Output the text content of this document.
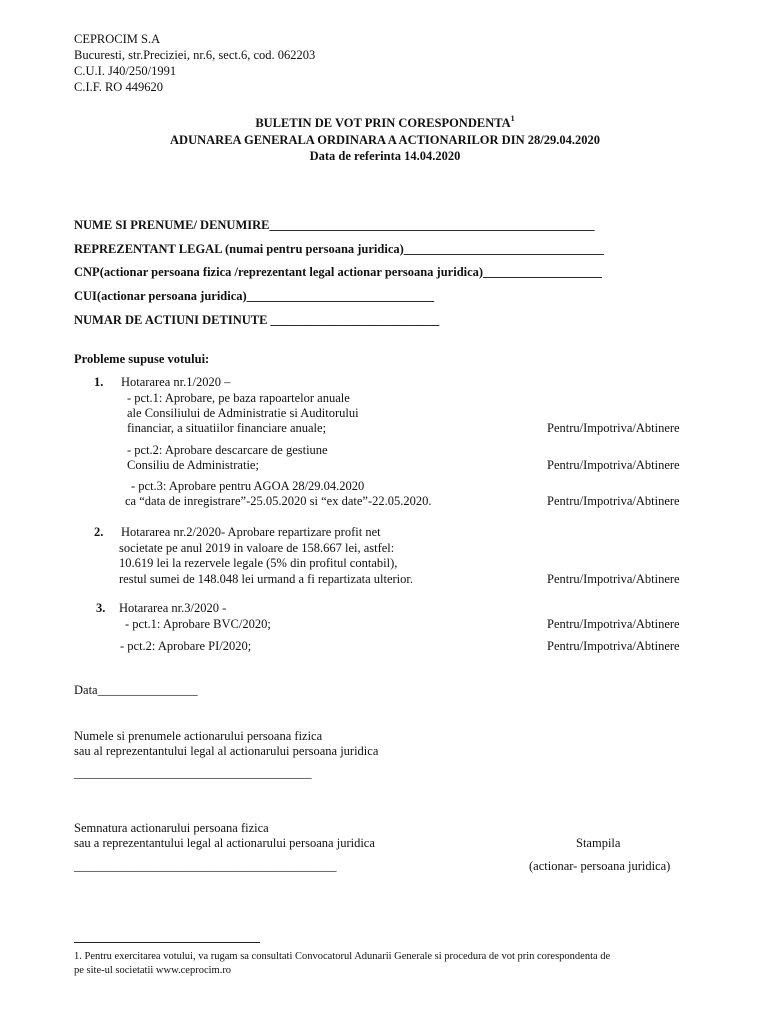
CEPROCIM S.A
Bucuresti, str.Preciziei, nr.6, sect.6, cod. 062203
C.U.I. J40/250/1991
C.I.F. RO 449620
BULETIN DE VOT PRIN CORESPONDENTA$^1$
ADUNAREA GENERALA ORDINARA A ACTIONARILOR DIN 28/29.04.2020
Data de referinta 14.04.2020
NUME SI PRENUME/ DENUMIRE____________________________________________________
REPREZENTANT LEGAL (numai pentru persoana juridica)________________________________
CNP(actionar persoana fizica /reprezentant legal actionar persoana juridica)___________________
CUI(actionar persoana juridica)______________________________
NUMAR DE ACTIUNI DETINUTE ___________________________
Probleme supuse votului:
1. Hotararea nr.1/2020 –
- pct.1: Aprobare, pe baza rapoartelor anuale
ale Consiliului de Administratie si Auditorului
financiar, a situatiilor financiare anuale;	Pentru/Impotriva/Abtinere
- pct.2: Aprobare descarcare de gestiune
Consiliu de Administratie;	Pentru/Impotriva/Abtinere
- pct.3: Aprobare pentru AGOA 28/29.04.2020
ca “data de inregistrare”-25.05.2020 si “ex date”-22.05.2020.	Pentru/Impotriva/Abtinere
2. Hotararea nr.2/2020- Aprobare repartizare profit net
societate pe anul 2019 in valoare de 158.667 lei, astfel:
10.619 lei la rezervele legale (5% din profitul contabil),
restul sumei de 148.048 lei urmand a fi repartizata ulterior.	Pentru/Impotriva/Abtinere
3. Hotararea nr.3/2020 -
- pct.1: Aprobare BVC/2020;	Pentru/Impotriva/Abtinere
- pct.2: Aprobare PI/2020;	Pentru/Impotriva/Abtinere
Data________________
Numele si prenumele actionarului persoana fizica
sau al reprezentantului legal al actionarului persoana juridica
______________________________________
Semnatura actionarului persoana fizica
sau a reprezentantului legal al actionarului persoana juridica
__________________________________________
Stampila
(actionar- persoana juridica)
1. Pentru exercitarea votului, va rugam sa consultati Convocatorul Adunarii Generale si procedura de vot prin corespondenta de
pe site-ul societatii www.ceprocim.ro
